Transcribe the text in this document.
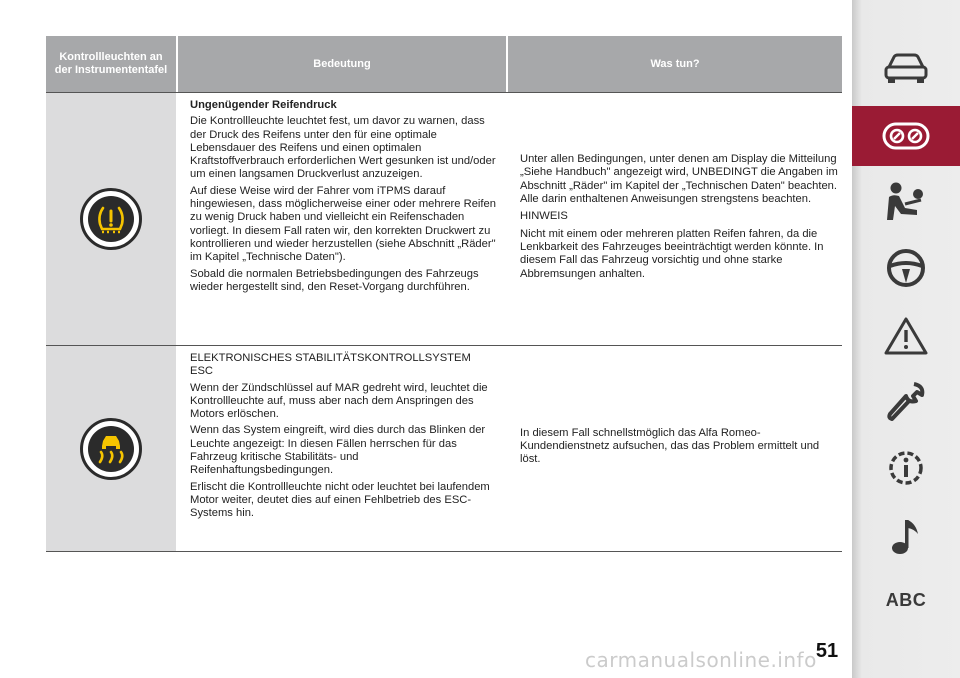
Kontrollleuchten an der Instrumententafel
Bedeutung	Was tun?

Ungenügender Reifendruck

Die Kontrollleuchte leuchtet fest, um davor zu warnen, dass der Druck des Reifens unter den für eine optimale Lebensdauer des Reifens und einen optimalen Kraftstoffverbrauch erforderlichen Wert gesunken ist und/oder um einen langsamen Druckverlust anzuzeigen.

Auf diese Weise wird der Fahrer vom iTPMS darauf hingewiesen, dass möglicherweise einer oder mehrere Reifen zu wenig Druck haben und vielleicht ein Reifenschaden vorliegt. In diesem Fall raten wir, den korrekten Druckwert zu kontrollieren und wieder herzustellen (siehe Abschnitt „Räder" im Kapitel „Technische Daten").

Sobald die normalen Betriebsbedingungen des Fahrzeugs wieder hergestellt sind, den Reset-Vorgang durchführen.

Unter allen Bedingungen, unter denen am Display die Mitteilung „Siehe Handbuch" angezeigt wird, UNBEDINGT die Angaben im Abschnitt „Räder" im Kapitel der „Technischen Daten" beachten. Alle darin enthaltenen Anweisungen strengstens beachten.

HINWEIS

Nicht mit einem oder mehreren platten Reifen fahren, da die Lenkbarkeit des Fahrzeuges beeinträchtigt werden könnte. In diesem Fall das Fahrzeug vorsichtig und ohne starke Abbremsungen anhalten.

ELEKTRONISCHES STABILITÄTSKONTROLLSYSTEM ESC

Wenn der Zündschlüssel auf MAR gedreht wird, leuchtet die Kontrollleuchte auf, muss aber nach dem Anspringen des Motors erlöschen.

Wenn das System eingreift, wird dies durch das Blinken der Leuchte angezeigt: In diesen Fällen herrschen für das Fahrzeug kritische Stabilitäts- und Reifenhaftungsbedingungen.

Erlischt die Kontrollleuchte nicht oder leuchtet bei laufendem Motor weiter, deutet dies auf einen Fehlbetrieb des ESC-Systems hin.

In diesem Fall schnellstmöglich das Alfa Romeo-Kundendienstnetz aufsuchen, das das Problem ermittelt und löst.

ABC
51
carmanualsonline.info
